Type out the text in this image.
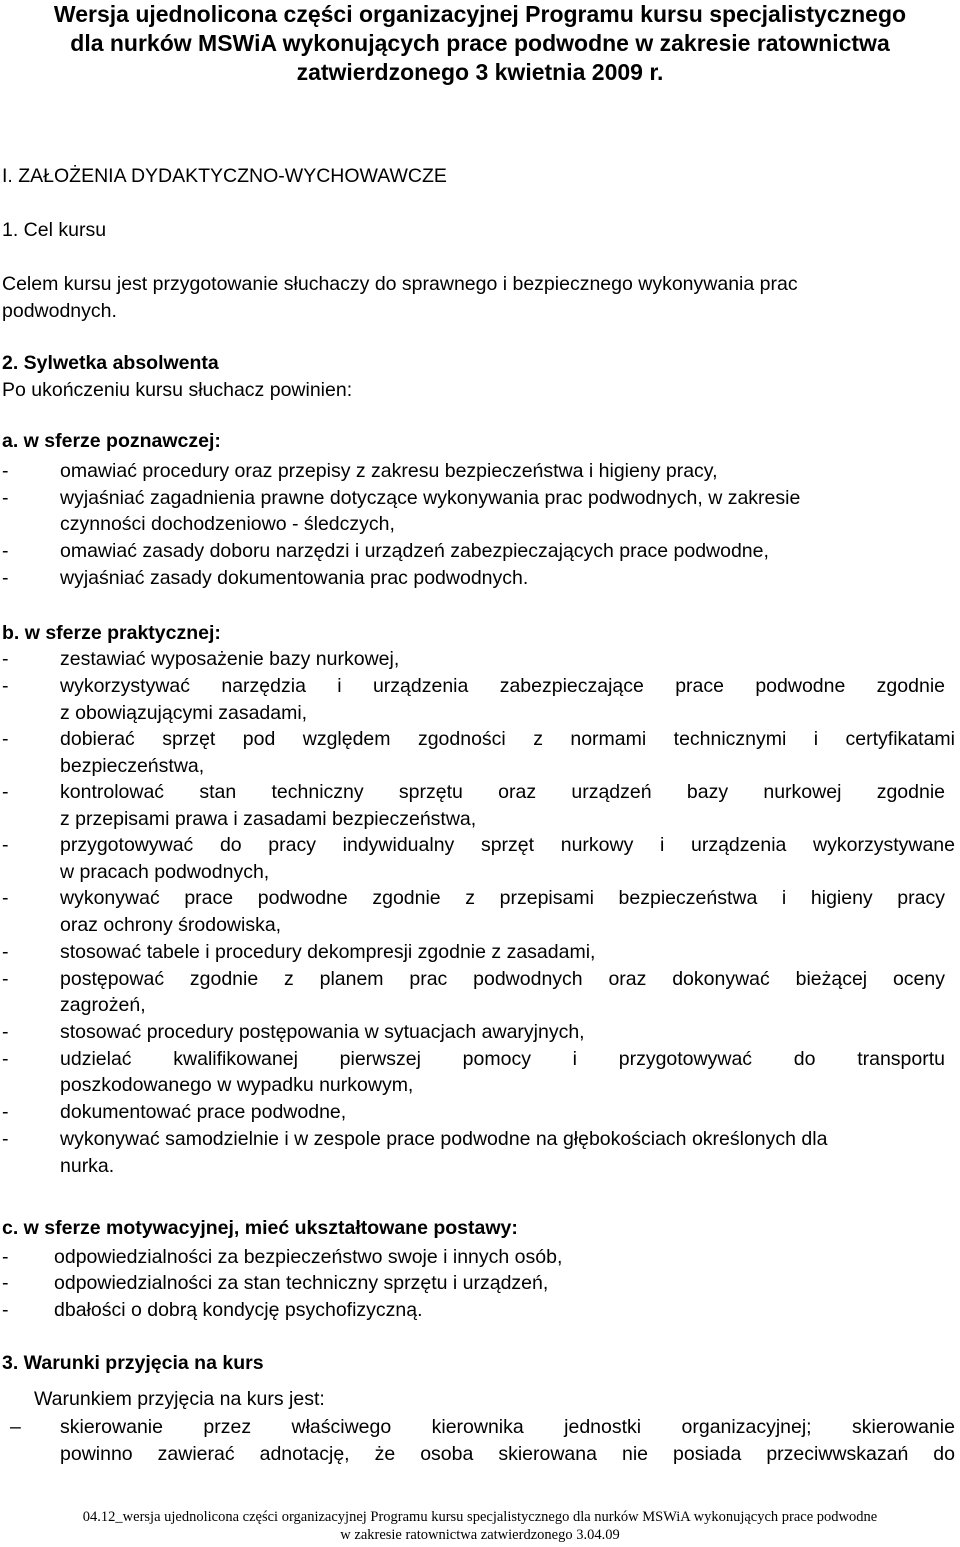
Wersja ujednolicona części organizacyjnej Programu kursu specjalistycznego
dla nurków MSWiA wykonujących prace podwodne w zakresie ratownictwa
zatwierdzonego 3 kwietnia 2009 r.
I. ZAŁOŻENIA DYDAKTYCZNO-WYCHOWAWCZE
1. Cel kursu
Celem kursu jest przygotowanie słuchaczy do sprawnego i bezpiecznego wykonywania prac
podwodnych.
2. Sylwetka absolwenta
Po ukończeniu kursu słuchacz powinien:
a. w sferze poznawczej:
-	omawiać procedury oraz przepisy z zakresu bezpieczeństwa i higieny pracy,
-	wyjaśniać zagadnienia prawne dotyczące wykonywania prac podwodnych, w zakresie
czynności dochodzeniowo - śledczych,
-	omawiać zasady doboru narzędzi i urządzeń zabezpieczających prace podwodne,
-	wyjaśniać zasady dokumentowania prac podwodnych.
b. w sferze praktycznej:
-	zestawiać wyposażenie bazy nurkowej,
-	wykorzystywać narzędzia i urządzenia zabezpieczające prace podwodne zgodnie
z obowiązującymi zasadami,
-	dobierać sprzęt pod względem zgodności z normami technicznymi i certyfikatami
bezpieczeństwa,
-	kontrolować stan techniczny sprzętu oraz urządzeń bazy nurkowej zgodnie
z przepisami prawa i zasadami bezpieczeństwa,
-	przygotowywać do pracy indywidualny sprzęt nurkowy i urządzenia wykorzystywane
w pracach podwodnych,
-	wykonywać prace podwodne zgodnie z przepisami bezpieczeństwa i higieny pracy
oraz ochrony środowiska,
-	stosować tabele i procedury dekompresji zgodnie z zasadami,
-	postępować zgodnie z planem prac podwodnych oraz dokonywać bieżącej oceny
zagrożeń,
-	stosować procedury postępowania w sytuacjach awaryjnych,
-	udzielać kwalifikowanej pierwszej pomocy i przygotowywać do transportu
poszkodowanego w wypadku nurkowym,
-	dokumentować prace podwodne,
-	wykonywać samodzielnie i w zespole prace podwodne na głębokościach określonych dla
nurka.
c. w sferze motywacyjnej, mieć ukształtowane postawy:
- odpowiedzialności za bezpieczeństwo swoje i innych osób,
- odpowiedzialności za stan techniczny sprzętu i urządzeń,
- dbałości o dobrą kondycję psychofizyczną.
3. Warunki przyjęcia na kurs
Warunkiem przyjęcia na kurs jest:
– skierowanie przez właściwego kierownika jednostki organizacyjnej; skierowanie
powinno zawierać adnotację, że osoba skierowana nie posiada przeciwwskazań do
04.12_wersja ujednolicona części organizacyjnej Programu kursu specjalistycznego dla nurków MSWiA wykonujących prace podwodne
w zakresie ratownictwa zatwierdzonego 3.04.09
